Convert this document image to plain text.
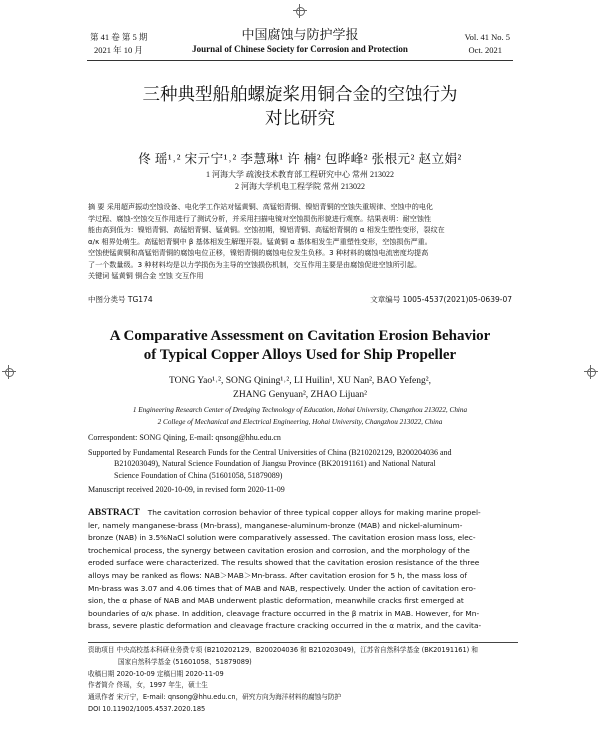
第 41 卷 第 5 期
2021 年 10 月
中国腐蚀与防护学报
Journal of Chinese Society for Corrosion and Protection
Vol. 41 No. 5
Oct. 2021
三种典型船舶螺旋桨用铜合金的空蚀行为
对比研究
佟 瑶¹˒² 宋亓宁¹˒² 李慧琳¹ 许 楠² 包晔峰² 张根元² 赵立娟²
1 河海大学 疏浚技术教育部工程研究中心 常州 213022
2 河海大学机电工程学院 常州 213022
摘 要 采用超声振动空蚀设备、电化学工作站对锰黄铜、高锰铝青铜、镍铝青铜的空蚀失重规律、空蚀中的电化
学过程、腐蚀-空蚀交互作用进行了测试分析，并采用扫描电镜对空蚀损伤形貌进行观察。结果表明：耐空蚀性
能由高到低为：镍铝青铜、高锰铝青铜、锰黄铜。空蚀初期，镍铝青铜、高锰铝青铜的 α 相发生塑性变形，裂纹在
α/κ 相界处萌生。高锰铝青铜中 β 基体相发生解理开裂。锰黄铜 α 基体相发生严重塑性变形，空蚀损伤严重。
空蚀使锰黄铜和高锰铝青铜的腐蚀电位正移，镍铝青铜的腐蚀电位发生负移。3 种材料的腐蚀电流密度均提高
了一个数量级。3 种材料均是以力学损伤为主导的空蚀损伤机制，交互作用主要是由腐蚀促进空蚀所引起。
关键词 锰黄铜 铜合金 空蚀 交互作用
中图分类号 TG174	文章编号 1005-4537(2021)05-0639-07
A Comparative Assessment on Cavitation Erosion Behavior
of Typical Copper Alloys Used for Ship Propeller
TONG Yao¹˒², SONG Qining¹˒², LI Huilin¹, XU Nan², BAO Yefeng²,
ZHANG Genyuan², ZHAO Lijuan²
1 Engineering Research Center of Dredging Technology of Education, Hohai University, Changzhou 213022, China
2 College of Mechanical and Electrical Engineering, Hohai University, Changzhou 213022, China
Correspondent: SONG Qining, E-mail: qnsong@hhu.edu.cn
Supported by Fundamental Research Funds for the Central Universities of China (B210202129, B200204036 and
B210203049), Natural Science Foundation of Jiangsu Province (BK20191161) and National Natural
Science Foundation of China (51601058, 51879089)
Manuscript received 2020-10-09, in revised form 2020-11-09
ABSTRACT The cavitation corrosion behavior of three typical copper alloys for making marine propel-
ler, namely manganese-brass (Mn-brass), manganese-aluminum-bronze (MAB) and nickel-aluminum-
bronze (NAB) in 3.5%NaCl solution were comparatively assessed. The cavitation erosion mass loss, elec-
trochemical process, the synergy between cavitation erosion and corrosion, and the morphology of the
eroded surface were characterized. The results showed that the cavitation erosion resistance of the three
alloys may be ranked as flows: NAB＞MAB＞Mn-brass. After cavitation erosion for 5 h, the mass loss of
Mn-brass was 3.07 and 4.06 times that of MAB and NAB, respectively. Under the action of cavitation ero-
sion, the α phase of NAB and MAB underwent plastic deformation, meanwhile cracks first emerged at
boundaries of α/κ phase. In addition, cleavage fracture occurred in the β matrix in MAB. However, for Mn-
brass, severe plastic deformation and cleavage fracture cracking occurred in the α matrix, and the cavita-
资助项目 中央高校基本科研业务费专项 (B210202129、B200204036 和 B210203049)，江苏省自然科学基金 (BK20191161) 和
国家自然科学基金 (51601058、51879089)
收稿日期 2020-10-09 定稿日期 2020-11-09
作者简介 佟瑶，女，1997 年生，硕士生
通讯作者 宋亓宁，E-mail: qnsong@hhu.edu.cn，研究方向为海洋材料的腐蚀与防护
DOI 10.11902/1005.4537.2020.185
